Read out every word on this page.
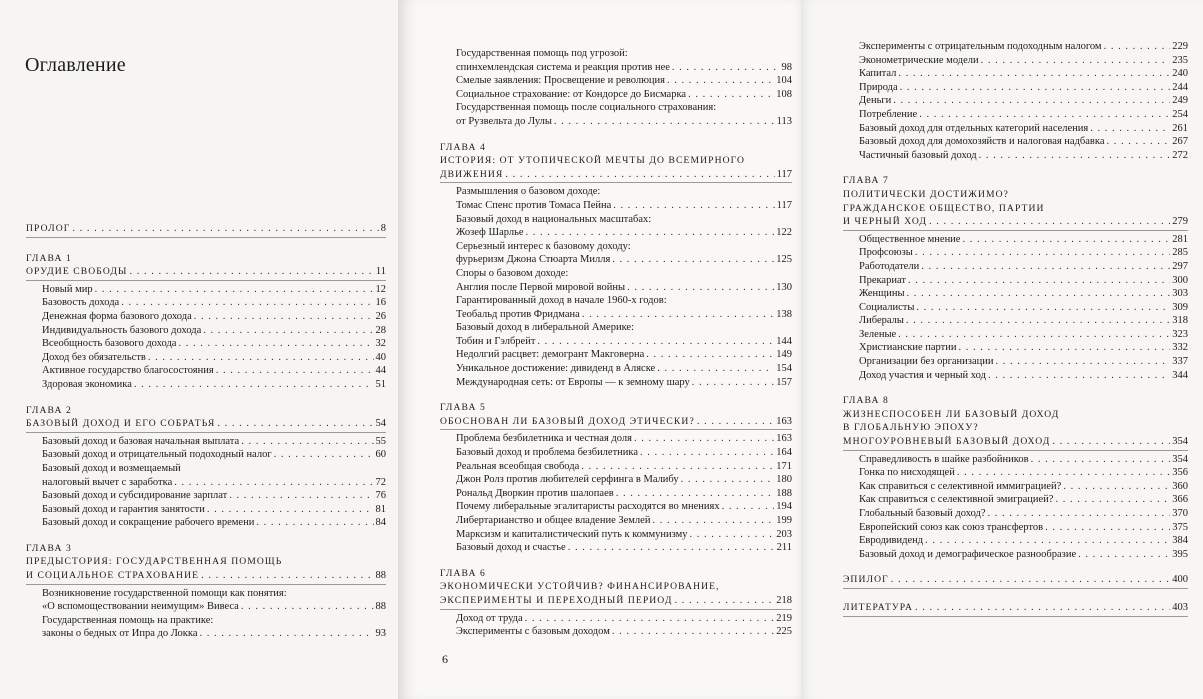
Оглавление
ПРОЛОГ . . .	8
ГЛАВА 1
ОРУДИЕ СВОБОДЫ . . .	11
Новый мир . . .	12
Базовость дохода . . .	16
Денежная форма базового дохода . . .	26
Индивидуальность базового дохода . . .	28
Всеобщность базового дохода . . .	32
Доход без обязательств . . .	40
Активное государство благосостояния . . .	44
Здоровая экономика . . .	51
ГЛАВА 2
БАЗОВЫЙ ДОХОД И ЕГО СОБРАТЬЯ . . .	54
Базовый доход и базовая начальная выплата . . .	55
Базовый доход и отрицательный подоходный налог . . .	60
Базовый доход и возмещаемый
налоговый вычет с заработка . . .	72
Базовый доход и субсидирование зарплат . . .	76
Базовый доход и гарантия занятости . . .	81
Базовый доход и сокращение рабочего времени . . .	84
ГЛАВА 3
ПРЕДЫСТОРИЯ: ГОСУДАРСТВЕННАЯ ПОМОЩЬ
И СОЦИАЛЬНОЕ СТРАХОВАНИЕ . . .	88
Возникновение государственной помощи как понятия:
«О вспомоществовании неимущим» Вивеса . . .	88
Государственная помощь на практике:
законы о бедных от Ипра до Локка . . .	93
Государственная помощь под угрозой:
спинхемлендская система и реакция против нее . . .	98
Смелые заявления: Просвещение и революция . . .	104
Социальное страхование: от Кондорсе до Бисмарка . . .	108
Государственная помощь после социального страхования:
от Рузвельта до Лулы . . .	113
ГЛАВА 4
ИСТОРИЯ: ОТ УТОПИЧЕСКОЙ МЕЧТЫ ДО ВСЕМИРНОГО
ДВИЖЕНИЯ . . .	117
Размышления о базовом доходе:
Томас Спенс против Томаса Пейна . . .	117
Базовый доход в национальных масштабах:
Жозеф Шарлье . . .	122
Серьезный интерес к базовому доходу:
фурьеризм Джона Стюарта Милля . . .	125
Споры о базовом доходе:
Англия после Первой мировой войны . . .	130
Гарантированный доход в начале 1960-х годов:
Теобальд против Фридмана . . .	138
Базовый доход в либеральной Америке:
Тобин и Гэлбрейт . . .	144
Недолгий расцвет: демогрант Макговерна . . .	149
Уникальное достижение: дивиденд в Аляске . . .	154
Международная сеть: от Европы — к земному шару . . .	157
ГЛАВА 5
ОБОСНОВАН ЛИ БАЗОВЫЙ ДОХОД ЭТИЧЕСКИ? . . .	163
Проблема безбилетника и честная доля . . .	163
Базовый доход и проблема безбилетника . . .	164
Реальная всеобщая свобода . . .	171
Джон Ролз против любителей серфинга в Малибу . . .	180
Рональд Дворкин против шалопаев . . .	188
Почему либеральные эгалитаристы расходятся во мнениях . . .	194
Либертарианство и общее владение Землей . . .	199
Марксизм и капиталистический путь к коммунизму . . .	203
Базовый доход и счастье . . .	211
ГЛАВА 6
ЭКОНОМИЧЕСКИ УСТОЙЧИВ? ФИНАНСИРОВАНИЕ,
ЭКСПЕРИМЕНТЫ И ПЕРЕХОДНЫЙ ПЕРИОД . . .	218
Доход от труда . . .	219
Эксперименты с базовым доходом . . .	225
6
Эксперименты с отрицательным подоходным налогом . . .	229
Эконометрические модели . . .	235
Капитал . . .	240
Природа . . .	244
Деньги . . .	249
Потребление . . .	254
Базовый доход для отдельных категорий населения . . .	261
Базовый доход для домохозяйств и налоговая надбавка . . .	267
Частичный базовый доход . . .	272
ГЛАВА 7
ПОЛИТИЧЕСКИ ДОСТИЖИМО?
ГРАЖДАНСКОЕ ОБЩЕСТВО, ПАРТИИ
И ЧЕРНЫЙ ХОД . . .	279
Общественное мнение . . .	281
Профсоюзы . . .	285
Работодатели . . .	297
Прекариат . . .	300
Женщины . . .	303
Социалисты . . .	309
Либералы . . .	318
Зеленые . . .	323
Христианские партии . . .	332
Организации без организации . . .	337
Доход участия и черный ход . . .	344
ГЛАВА 8
ЖИЗНЕСПОСОБЕН ЛИ БАЗОВЫЙ ДОХОД
В ГЛОБАЛЬНУЮ ЭПОХУ?
МНОГОУРОВНЕВЫЙ БАЗОВЫЙ ДОХОД . . .	354
Справедливость в шайке разбойников . . .	354
Гонка по нисходящей . . .	356
Как справиться с селективной иммиграцией? . . .	360
Как справиться с селективной эмиграцией? . . .	366
Глобальный базовый доход? . . .	370
Европейский союз как союз трансфертов . . .	375
Евродивиденд . . .	384
Базовый доход и демографическое разнообразие . . .	395
ЭПИЛОГ . . .	400
ЛИТЕРАТУРА . . .	403
